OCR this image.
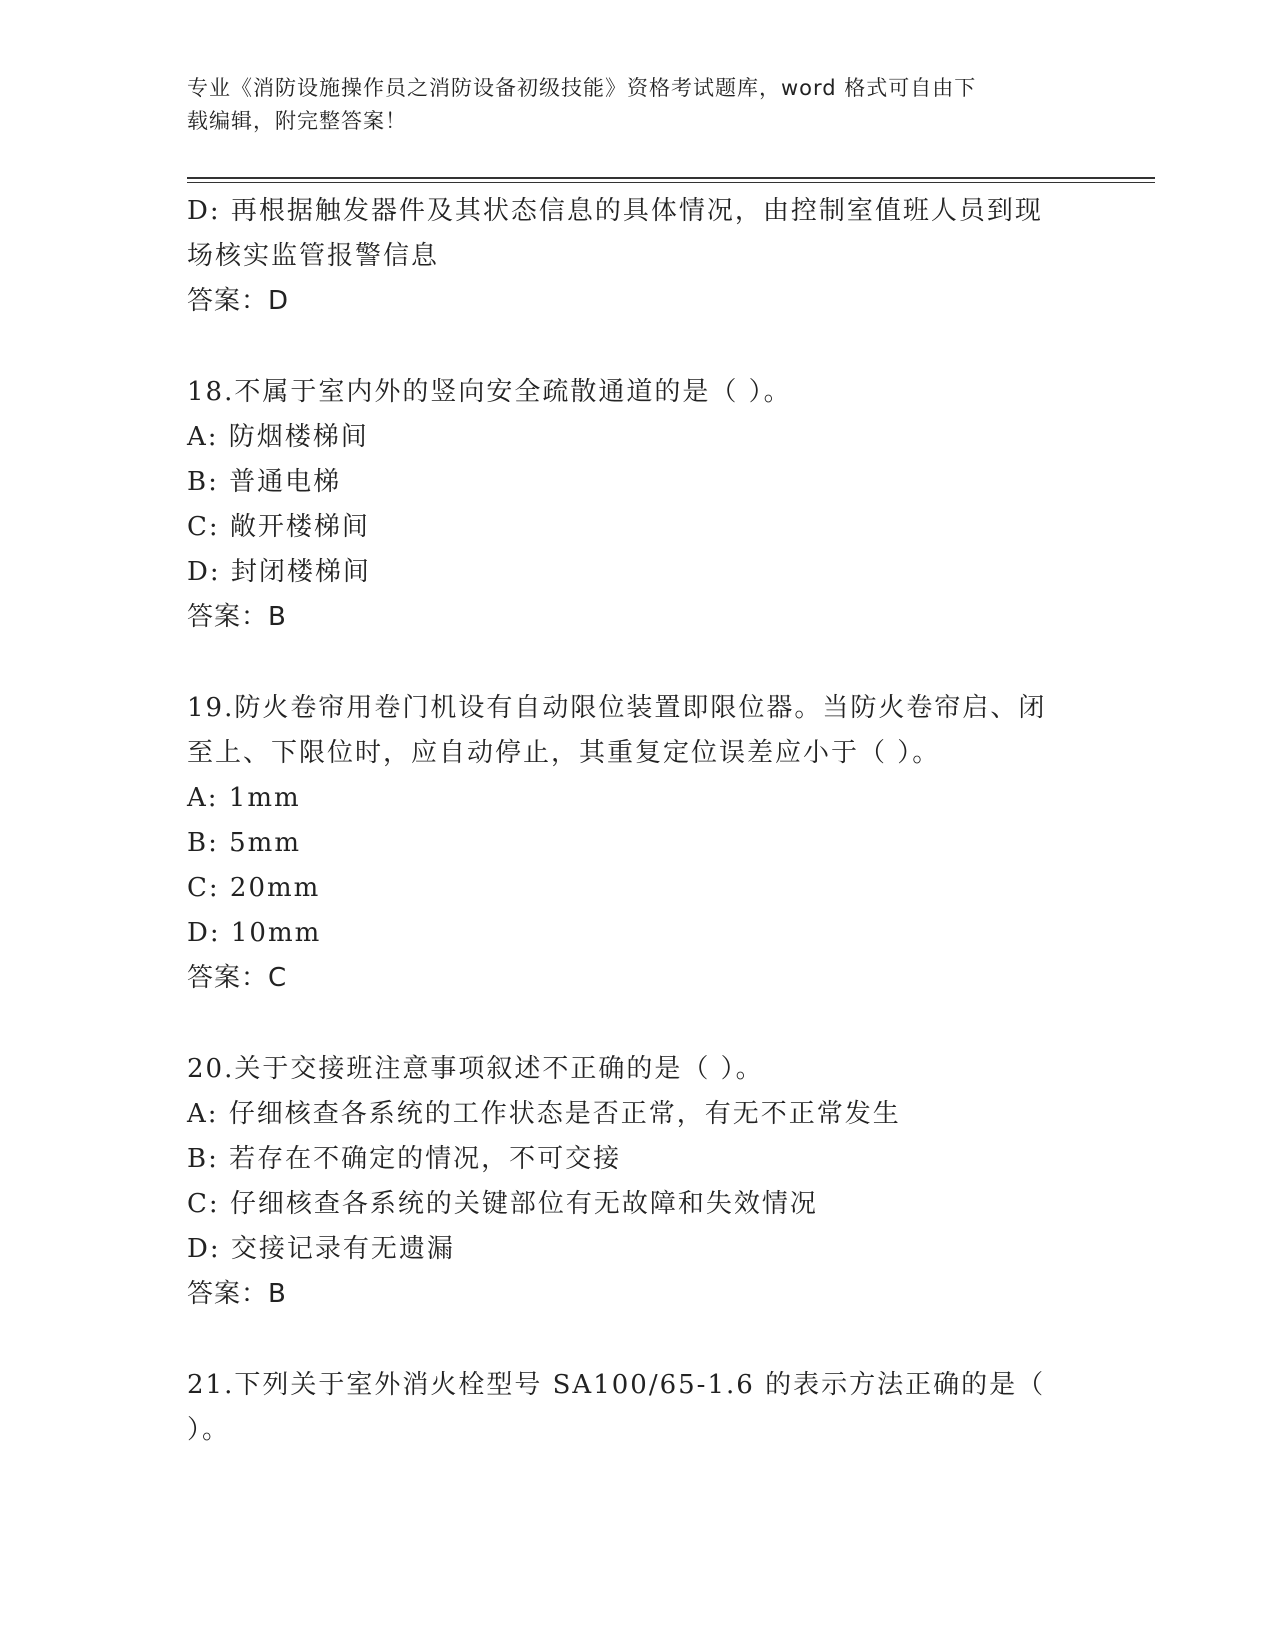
专业《消防设施操作员之消防设备初级技能》资格考试题库，word 格式可自由下
载编辑，附完整答案！
D: 再根据触发器件及其状态信息的具体情况，由控制室值班人员到现
场核实监管报警信息
答案：D
18.不属于室内外的竖向安全疏散通道的是（ ）。
A: 防烟楼梯间
B: 普通电梯
C: 敞开楼梯间
D: 封闭楼梯间
答案：B
19.防火卷帘用卷门机设有自动限位装置即限位器。当防火卷帘启、闭
至上、下限位时，应自动停止，其重复定位误差应小于（ ）。
A: 1mm
B: 5mm
C: 20mm
D: 10mm
答案：C
20.关于交接班注意事项叙述不正确的是（ ）。
A: 仔细核查各系统的工作状态是否正常，有无不正常发生
B: 若存在不确定的情况，不可交接
C: 仔细核查各系统的关键部位有无故障和失效情况
D: 交接记录有无遗漏
答案：B
21.下列关于室外消火栓型号 SA100/65-1.6 的表示方法正确的是（
）。
